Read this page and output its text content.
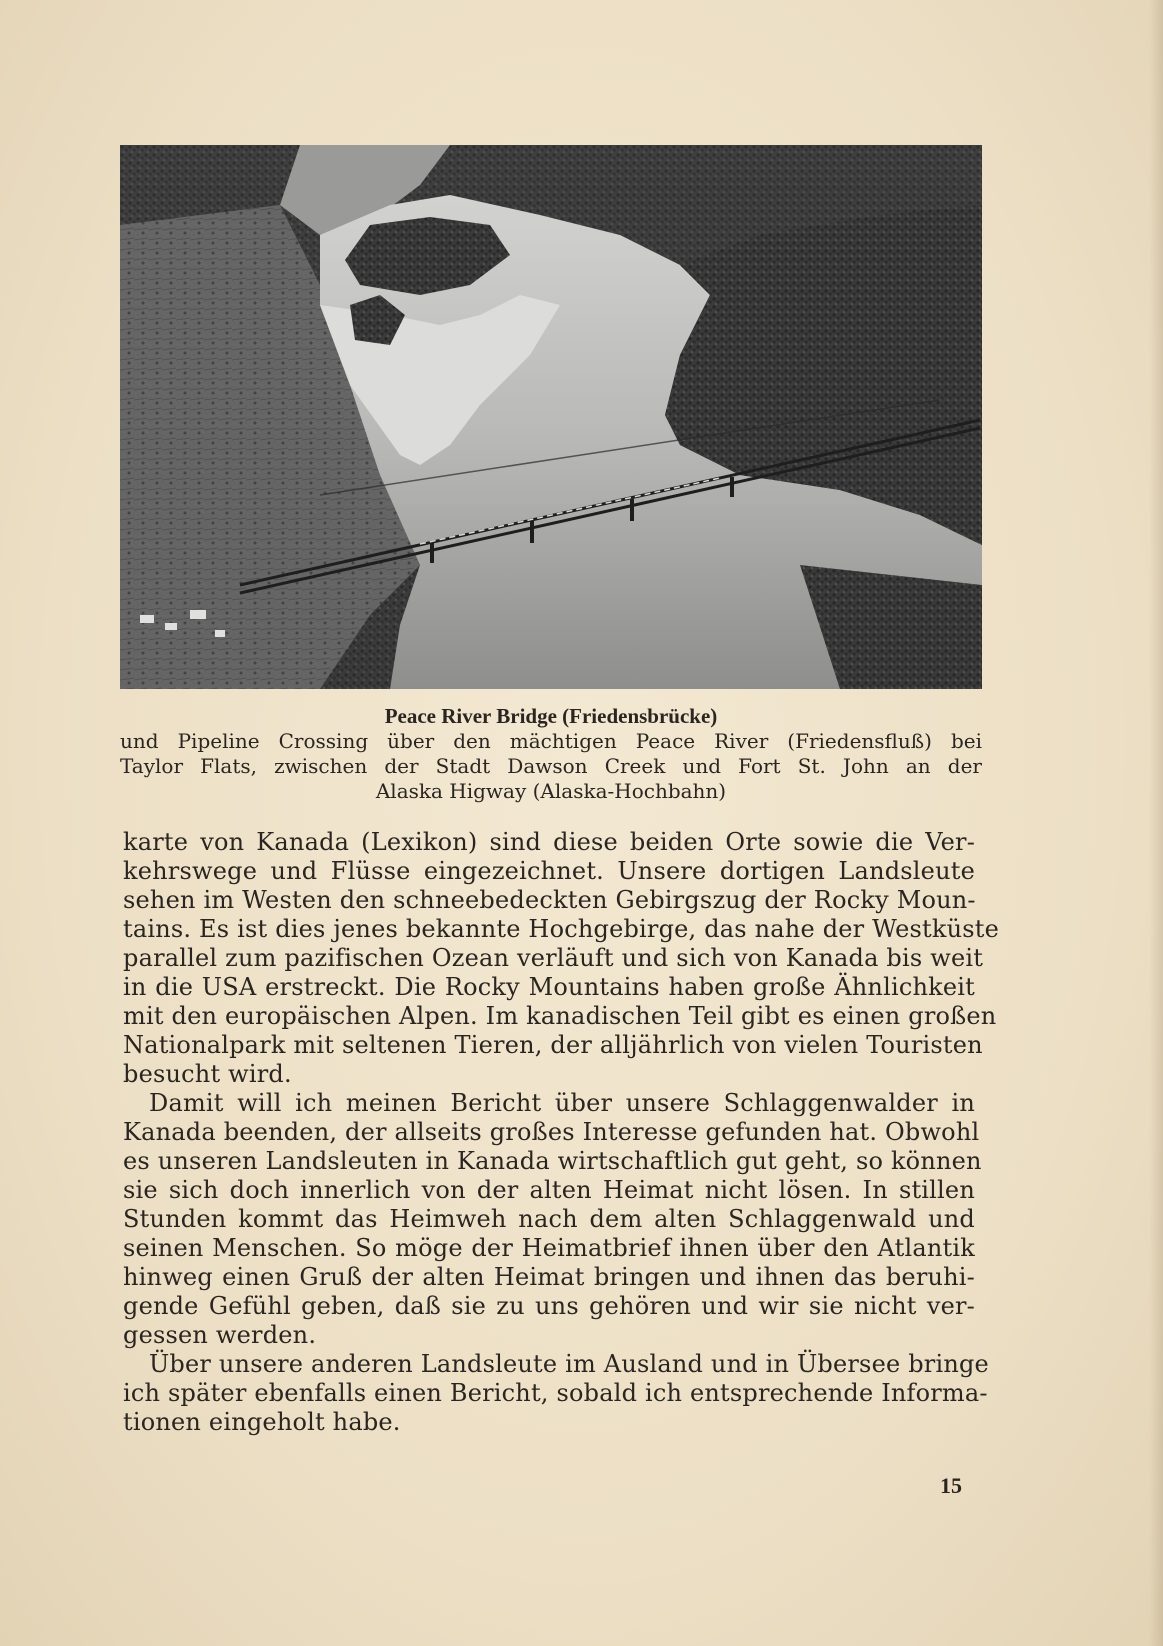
Peace River Bridge (Friedensbrücke)
und Pipeline Crossing über den mächtigen Peace River (Friedensfluß) bei
Taylor Flats, zwischen der Stadt Dawson Creek und Fort St. John an der
Alaska Higway (Alaska-Hochbahn)

karte von Kanada (Lexikon) sind diese beiden Orte sowie die Ver-
kehrswege und Flüsse eingezeichnet. Unsere dortigen Landsleute
sehen im Westen den schneebedeckten Gebirgszug der Rocky Moun-
tains. Es ist dies jenes bekannte Hochgebirge, das nahe der Westküste
parallel zum pazifischen Ozean verläuft und sich von Kanada bis weit
in die USA erstreckt. Die Rocky Mountains haben große Ähnlichkeit
mit den europäischen Alpen. Im kanadischen Teil gibt es einen großen
Nationalpark mit seltenen Tieren, der alljährlich von vielen Touristen
besucht wird.

Damit will ich meinen Bericht über unsere Schlaggenwalder in
Kanada beenden, der allseits großes Interesse gefunden hat. Obwohl
es unseren Landsleuten in Kanada wirtschaftlich gut geht, so können
sie sich doch innerlich von der alten Heimat nicht lösen. In stillen
Stunden kommt das Heimweh nach dem alten Schlaggenwald und
seinen Menschen. So möge der Heimatbrief ihnen über den Atlantik
hinweg einen Gruß der alten Heimat bringen und ihnen das beruhi-
gende Gefühl geben, daß sie zu uns gehören und wir sie nicht ver-
gessen werden.

Über unsere anderen Landsleute im Ausland und in Übersee bringe
ich später ebenfalls einen Bericht, sobald ich entsprechende Informa-
tionen eingeholt habe.

15
